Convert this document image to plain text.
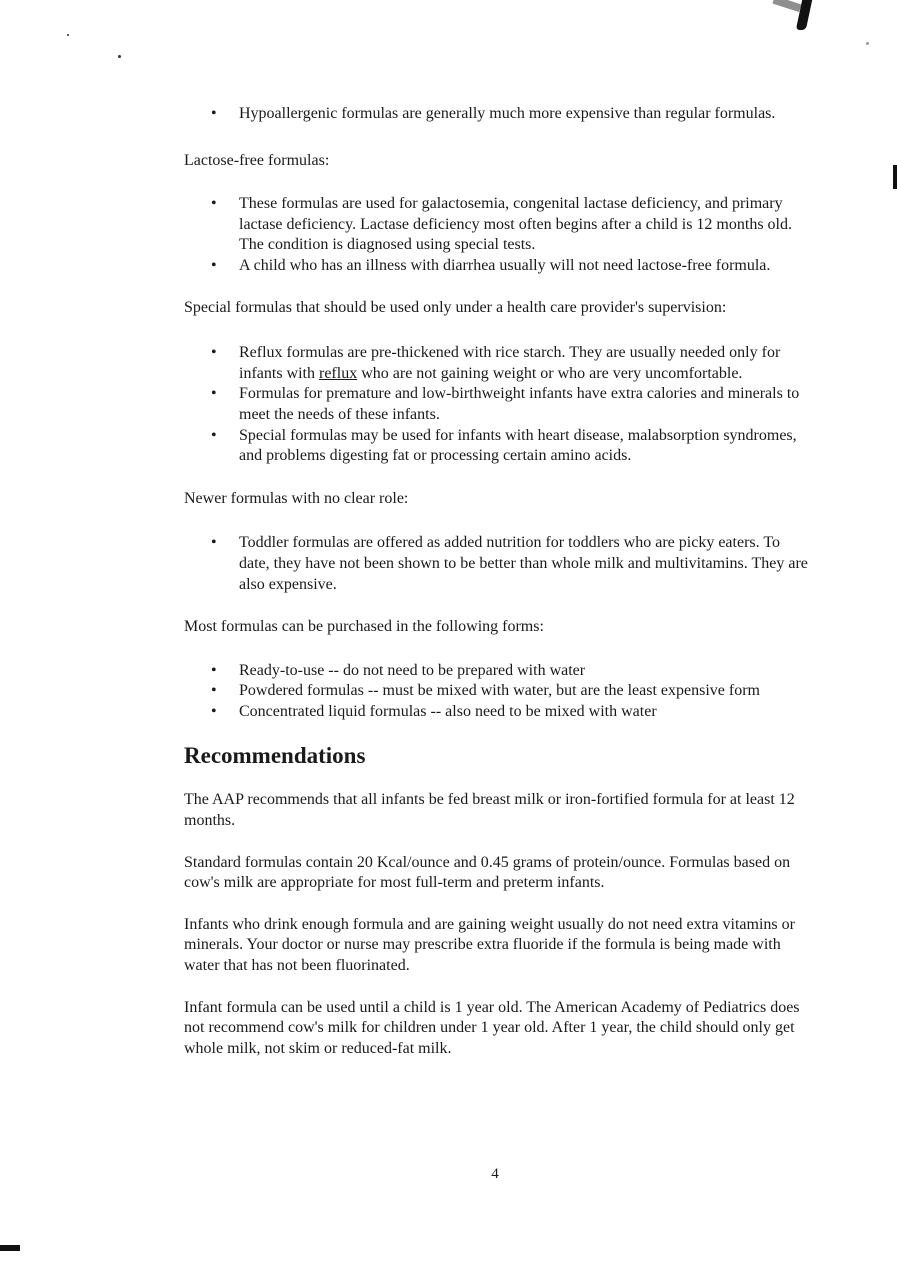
• Hypoallergenic formulas are generally much more expensive than regular formulas.

Lactose-free formulas:

• These formulas are used for galactosemia, congenital lactase deficiency, and primary lactase deficiency. Lactase deficiency most often begins after a child is 12 months old. The condition is diagnosed using special tests.
• A child who has an illness with diarrhea usually will not need lactose-free formula.

Special formulas that should be used only under a health care provider's supervision:

• Reflux formulas are pre-thickened with rice starch. They are usually needed only for infants with reflux who are not gaining weight or who are very uncomfortable.
• Formulas for premature and low-birthweight infants have extra calories and minerals to meet the needs of these infants.
• Special formulas may be used for infants with heart disease, malabsorption syndromes, and problems digesting fat or processing certain amino acids.

Newer formulas with no clear role:

• Toddler formulas are offered as added nutrition for toddlers who are picky eaters. To date, they have not been shown to be better than whole milk and multivitamins. They are also expensive.

Most formulas can be purchased in the following forms:

• Ready-to-use -- do not need to be prepared with water
• Powdered formulas -- must be mixed with water, but are the least expensive form
• Concentrated liquid formulas -- also need to be mixed with water
Recommendations

The AAP recommends that all infants be fed breast milk or iron-fortified formula for at least 12 months.

Standard formulas contain 20 Kcal/ounce and 0.45 grams of protein/ounce. Formulas based on cow's milk are appropriate for most full-term and preterm infants.

Infants who drink enough formula and are gaining weight usually do not need extra vitamins or minerals. Your doctor or nurse may prescribe extra fluoride if the formula is being made with water that has not been fluorinated.

Infant formula can be used until a child is 1 year old. The American Academy of Pediatrics does not recommend cow's milk for children under 1 year old. After 1 year, the child should only get whole milk, not skim or reduced-fat milk.

4
